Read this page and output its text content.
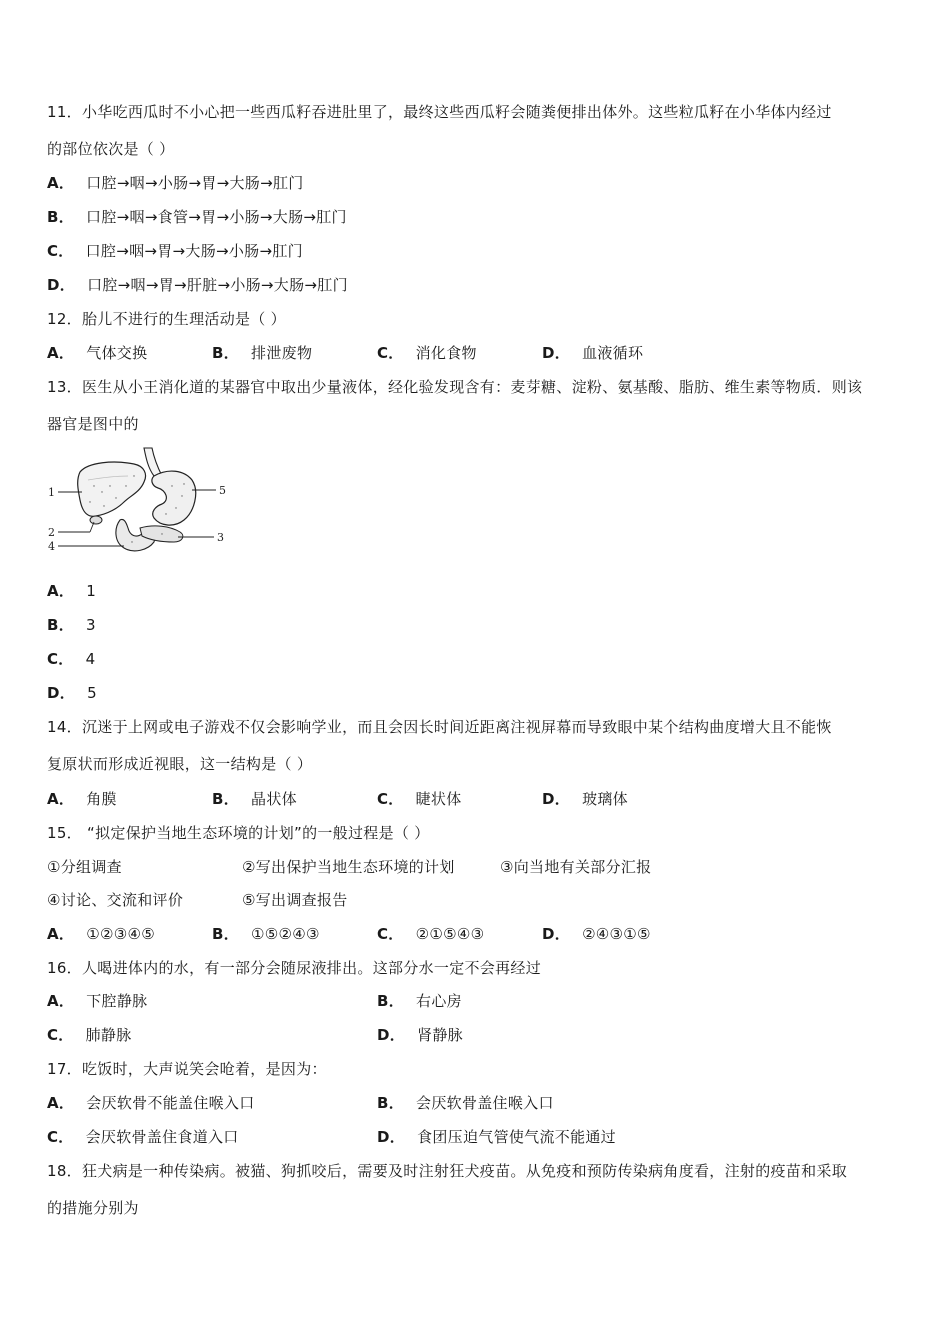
11．小华吃西瓜时不小心把一些西瓜籽吞进肚里了，最终这些西瓜籽会随粪便排出体外。这些粒瓜籽在小华体内经过
的部位依次是（ ）
A． 口腔→咽→小肠→胃→大肠→肛门
B． 口腔→咽→食管→胃→小肠→大肠→肛门
C． 口腔→咽→胃→大肠→小肠→肛门
D． 口腔→咽→胃→肝脏→小肠→大肠→肛门
12．胎儿不进行的生理活动是（ ）
A． 气体交换	B． 排泄废物	C． 消化食物	D． 血液循环
13．医生从小王消化道的某器官中取出少量液体，经化验发现含有：麦芽糖、淀粉、氨基酸、脂肪、维生素等物质．则该
器官是图中的
1
2
4
5
3
A． 1
B． 3
C． 4
D． 5
14．沉迷于上网或电子游戏不仅会影响学业，而且会因长时间近距离注视屏幕而导致眼中某个结构曲度增大且不能恢
复原状而形成近视眼，这一结构是（ ）
A． 角膜	B． 晶状体	C． 睫状体	D． 玻璃体
15． “拟定保护当地生态环境的计划”的一般过程是（ ）
①分组调查	②写出保护当地生态环境的计划	③向当地有关部分汇报
④讨论、交流和评价	⑤写出调查报告
A． ①②③④⑤	B． ①⑤②④③	C． ②①⑤④③	D． ②④③①⑤
16．人喝进体内的水，有一部分会随尿液排出。这部分水一定不会再经过
A． 下腔静脉	B． 右心房
C． 肺静脉	D． 肾静脉
17．吃饭时，大声说笑会呛着，是因为：
A． 会厌软骨不能盖住喉入口	B． 会厌软骨盖住喉入口
C． 会厌软骨盖住食道入口	D． 食团压迫气管使气流不能通过
18．狂犬病是一种传染病。被猫、狗抓咬后，需要及时注射狂犬疫苗。从免疫和预防传染病角度看，注射的疫苗和采取
的措施分别为
